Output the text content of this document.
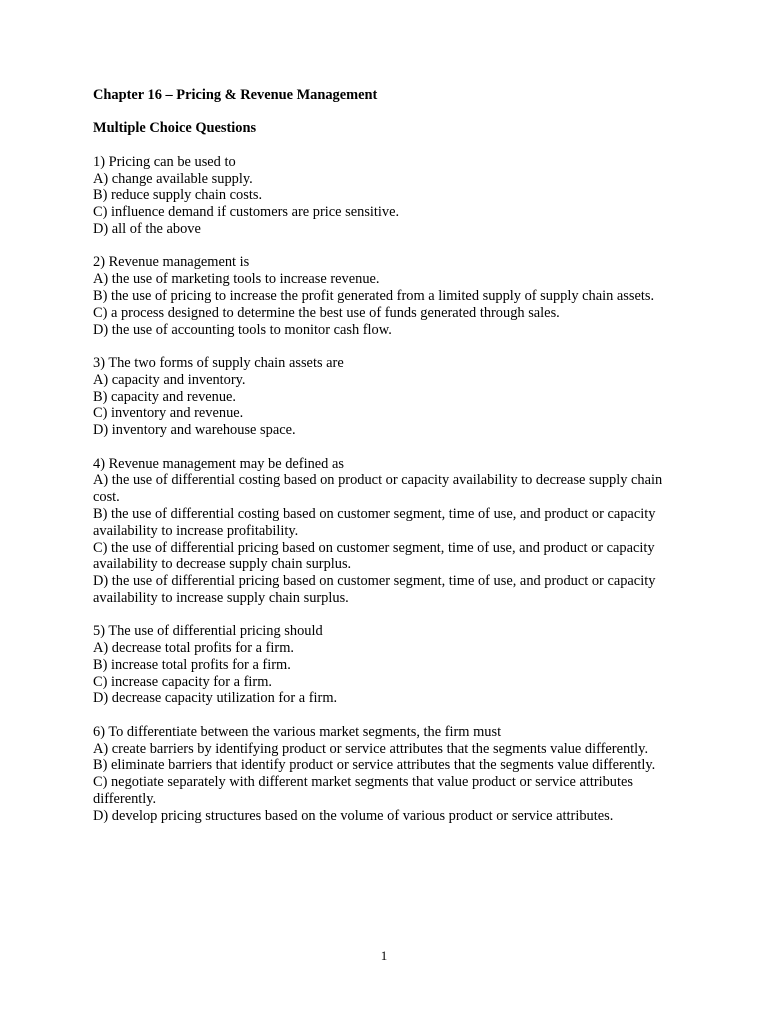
Chapter 16 – Pricing & Revenue Management
Multiple Choice Questions
1) Pricing can be used to
A) change available supply.
B) reduce supply chain costs.
C) influence demand if customers are price sensitive.
D) all of the above
2) Revenue management is
A) the use of marketing tools to increase revenue.
B) the use of pricing to increase the profit generated from a limited supply of supply chain assets.
C) a process designed to determine the best use of funds generated through sales.
D) the use of accounting tools to monitor cash flow.
3) The two forms of supply chain assets are
A) capacity and inventory.
B) capacity and revenue.
C) inventory and revenue.
D) inventory and warehouse space.
4) Revenue management may be defined as
A) the use of differential costing based on product or capacity availability to decrease supply chain cost.
B) the use of differential costing based on customer segment, time of use, and product or capacity availability to increase profitability.
C) the use of differential pricing based on customer segment, time of use, and product or capacity availability to decrease supply chain surplus.
D) the use of differential pricing based on customer segment, time of use, and product or capacity availability to increase supply chain surplus.
5) The use of differential pricing should
A) decrease total profits for a firm.
B) increase total profits for a firm.
C) increase capacity for a firm.
D) decrease capacity utilization for a firm.
6) To differentiate between the various market segments, the firm must
A) create barriers by identifying product or service attributes that the segments value differently.
B) eliminate barriers that identify product or service attributes that the segments value differently.
C) negotiate separately with different market segments that value product or service attributes differently.
D) develop pricing structures based on the volume of various product or service attributes.
1
